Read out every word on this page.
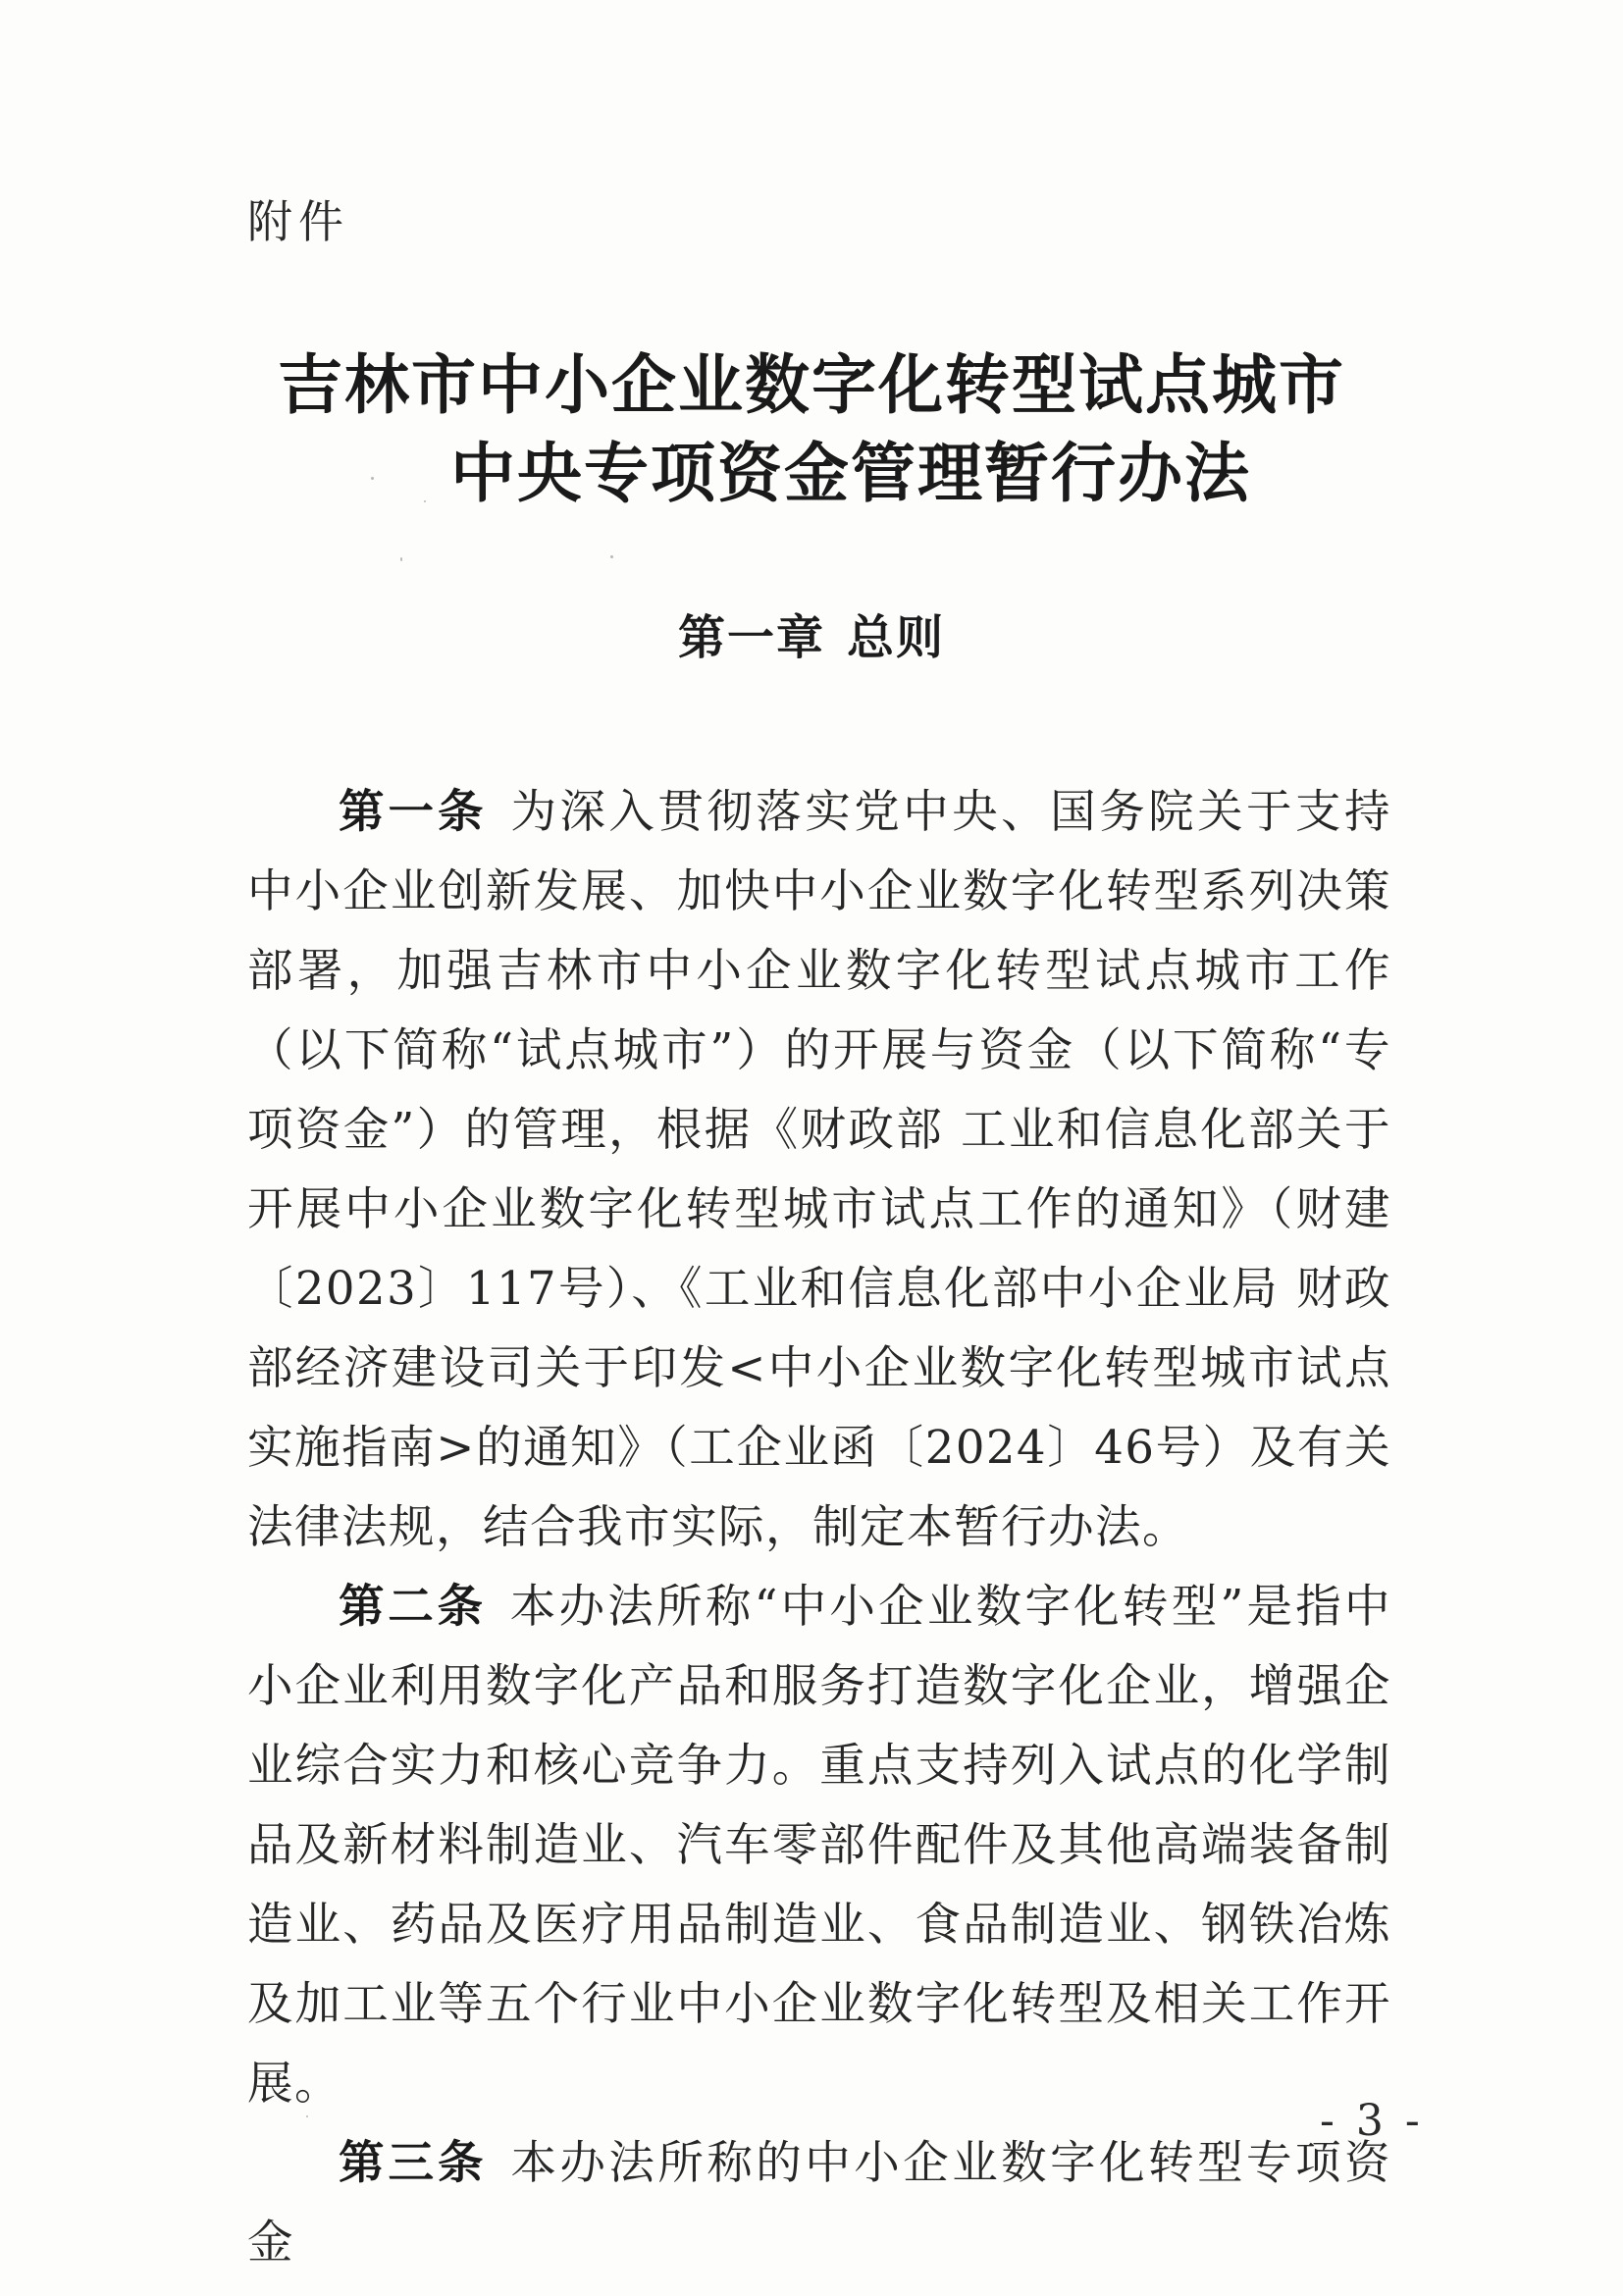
附件
吉林市中小企业数字化转型试点城市
中央专项资金管理暂行办法
第一章 总则

第一条 为深入贯彻落实党中央、国务院关于支持中小企业创新发展、加快中小企业数字化转型系列决策部署，加强吉林市中小企业数字化转型试点城市工作（以下简称“试点城市”）的开展与资金（以下简称“专项资金”）的管理，根据《财政部 工业和信息化部关于开展中小企业数字化转型城市试点工作的通知》（财建〔2023〕117号）、《工业和信息化部中小企业局 财政部经济建设司关于印发<中小企业数字化转型城市试点实施指南>的通知》（工企业函〔2024〕46号）及有关法律法规，结合我市实际，制定本暂行办法。

第二条 本办法所称“中小企业数字化转型”是指中小企业利用数字化产品和服务打造数字化企业，增强企业综合实力和核心竞争力。重点支持列入试点的化学制品及新材料制造业、汽车零部件配件及其他高端装备制造业、药品及医疗用品制造业、食品制造业、钢铁冶炼及加工业等五个行业中小企业数字化转型及相关工作开展。

第三条 本办法所称的中小企业数字化转型专项资金

- 3 -
